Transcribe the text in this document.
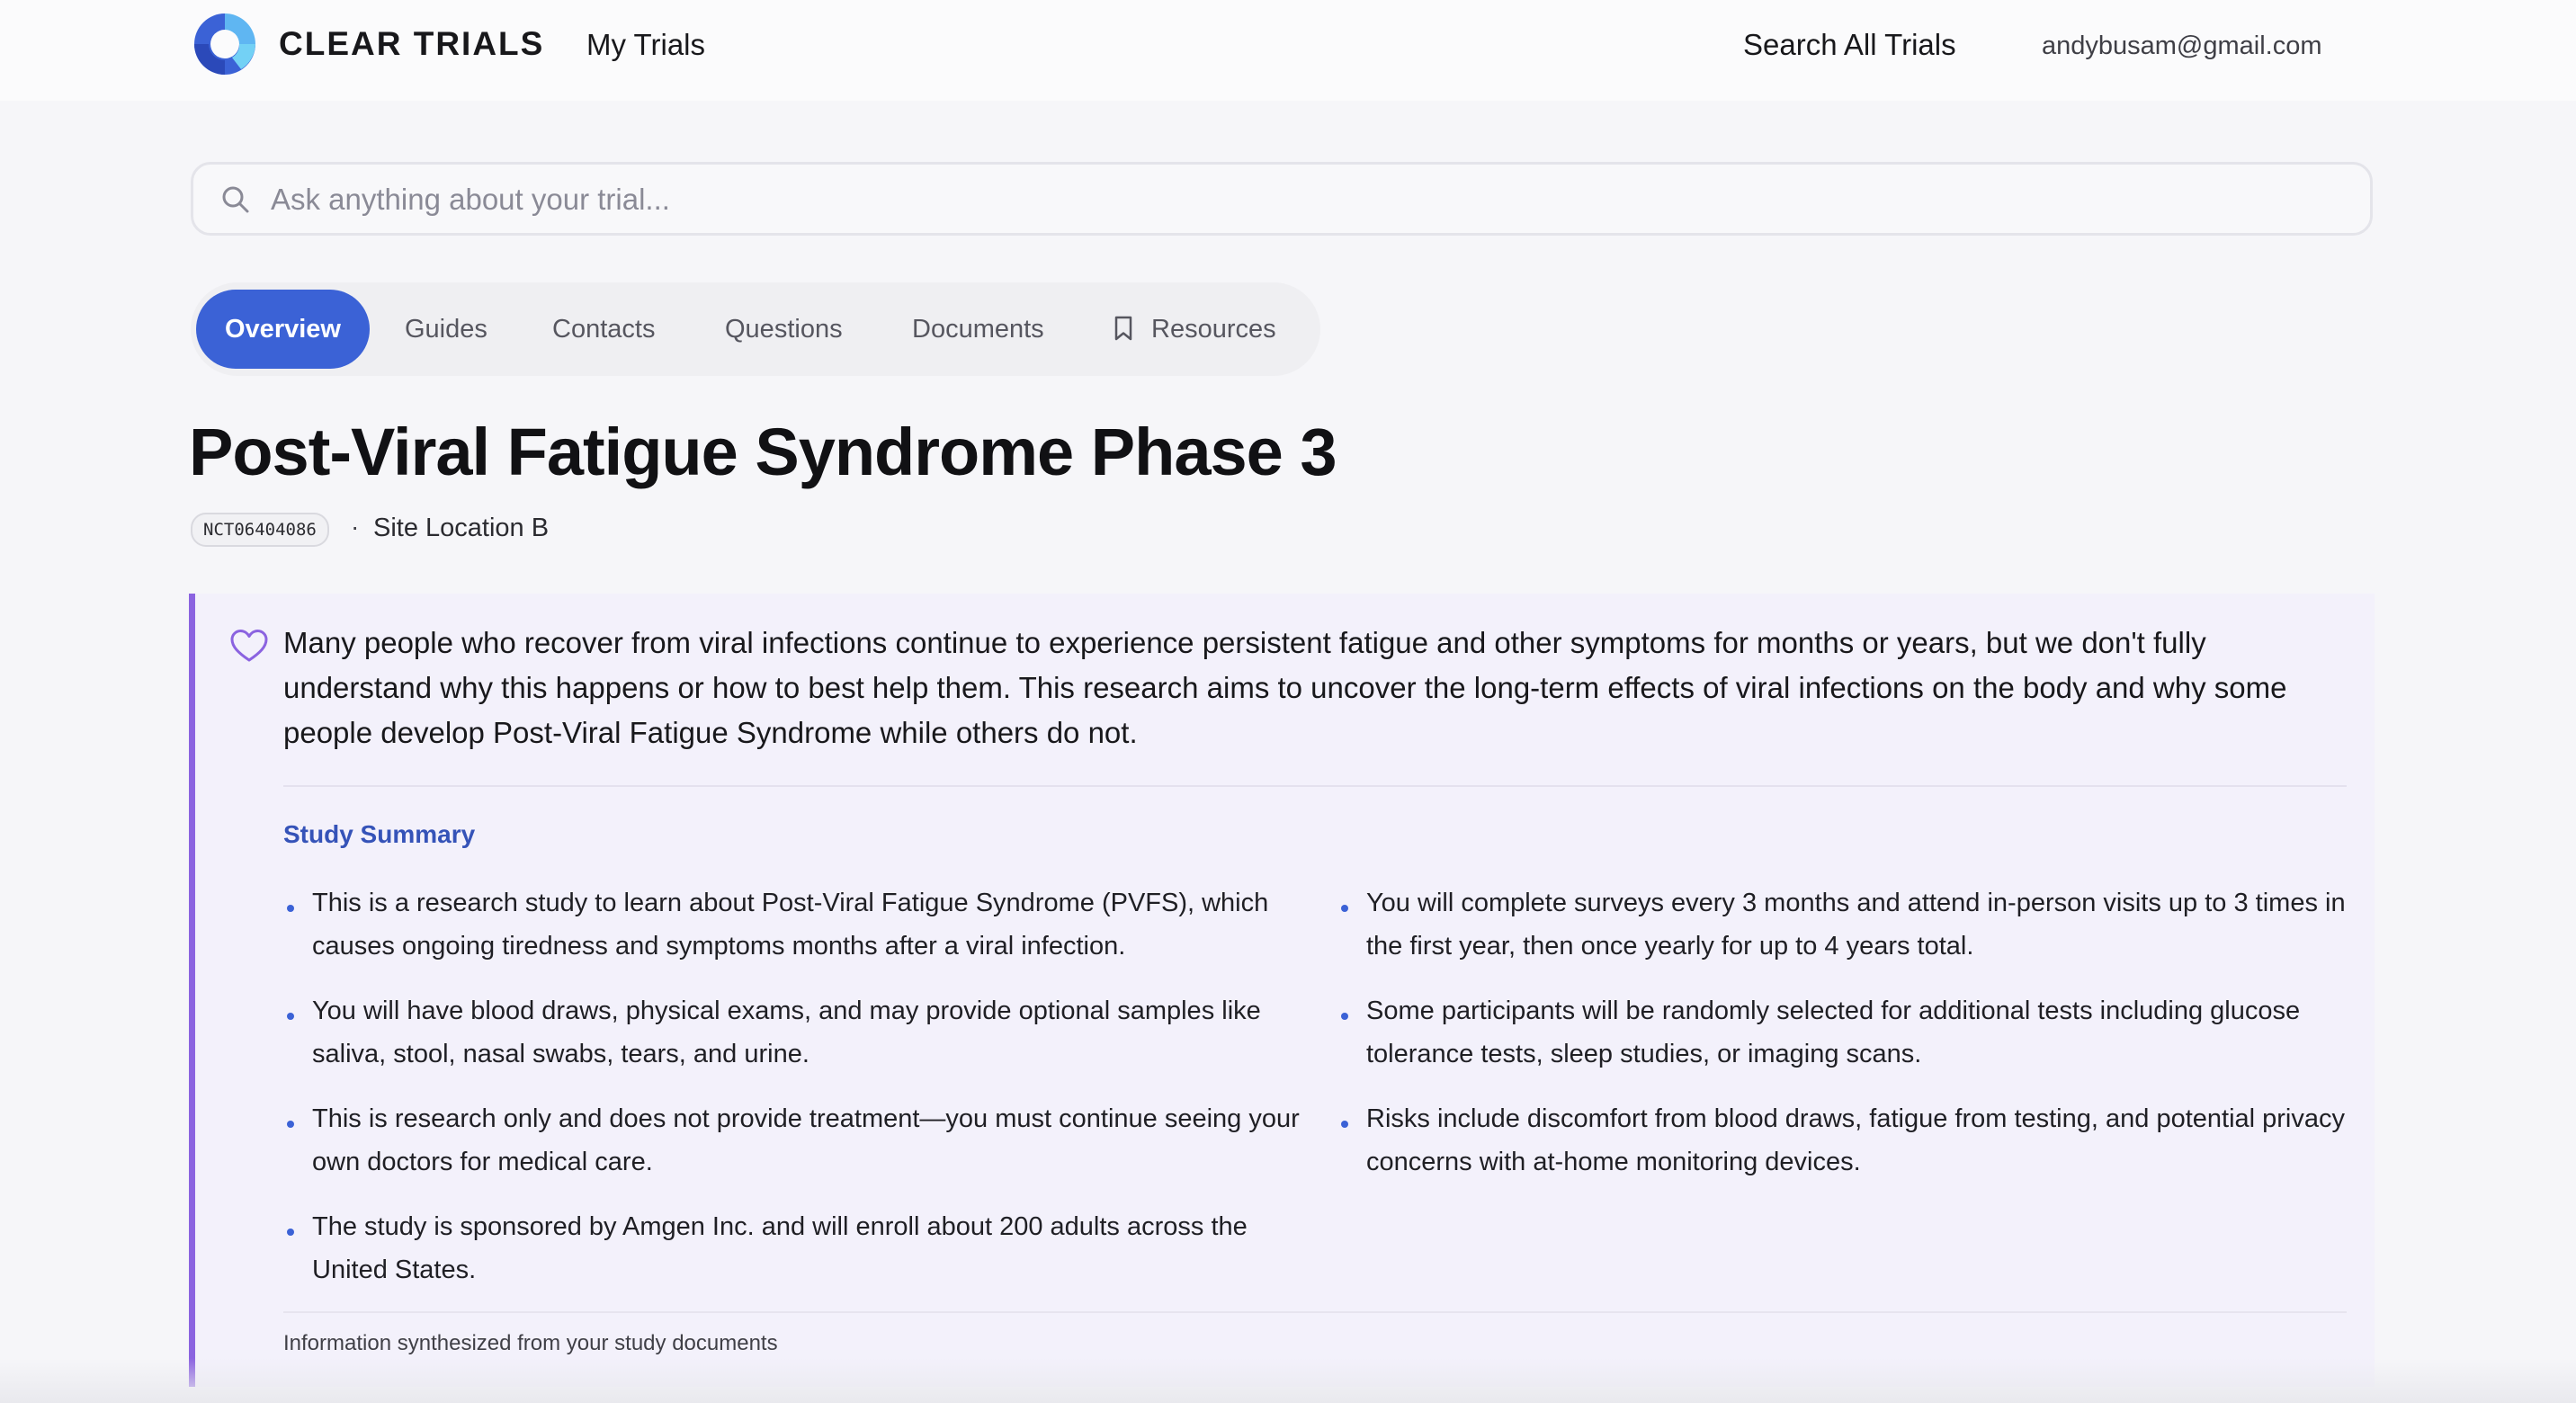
CLEAR TRIALS My Trials	Search All Trials	andybusam@gmail.com
Ask anything about your trial...
Overview	Guides Contacts	Questions	Documents	Resources
Post-Viral Fatigue Syndrome Phase 3
NCT06404086	· Site Location B

Many people who recover from viral infections continue to experience persistent fatigue and other symptoms for months or years, but we don't fully understand why this happens or how to best help them. This research aims to uncover the long-term effects of viral infections on the body and why some people develop Post-Viral Fatigue Syndrome while others do not.

Study Summary
This is a research study to learn about Post-Viral Fatigue Syndrome (PVFS), which causes ongoing tiredness and symptoms months after a viral infection.
You will have blood draws, physical exams, and may provide optional samples like saliva, stool, nasal swabs, tears, and urine.
This is research only and does not provide treatment—you must continue seeing your own doctors for medical care.
The study is sponsored by Amgen Inc. and will enroll about 200 adults across the United States.
You will complete surveys every 3 months and attend in-person visits up to 3 times in the first year, then once yearly for up to 4 years total.
Some participants will be randomly selected for additional tests including glucose tolerance tests, sleep studies, or imaging scans.
Risks include discomfort from blood draws, fatigue from testing, and potential privacy concerns with at-home monitoring devices.
Information synthesized from your study documents
